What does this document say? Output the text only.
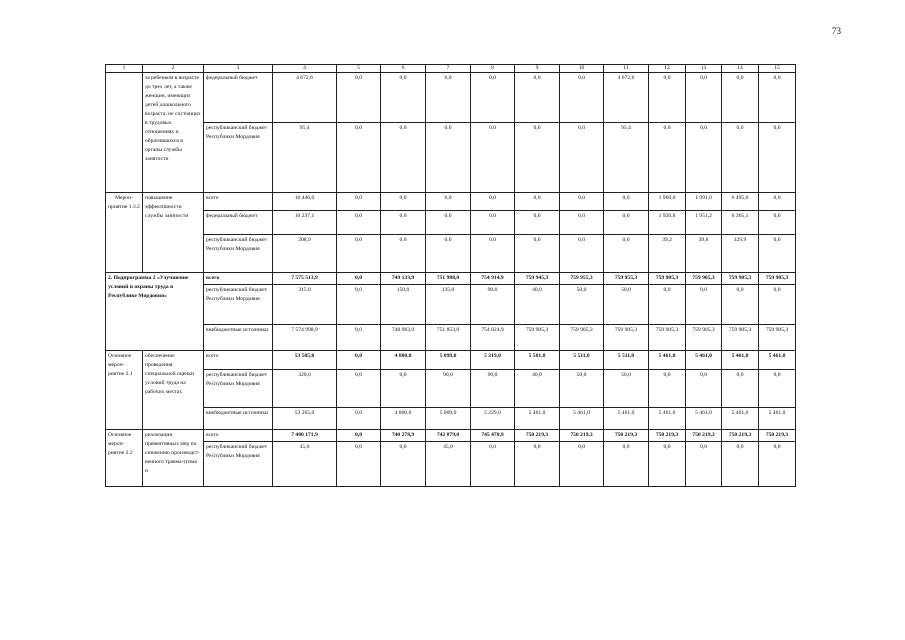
73
1	2	3	4	5	6	7	8	9	10	11	12	13	14	15
	за ребенком в возрасте до трех лет, а также женщин, имеющих детей дошкольного возраста, не состоящих в трудовых отношениях и обратившихся в органы службы занятости	федеральный бюджет	4 672,6	0,0	0,0	0,0	0,0	0,0	0,0	4 672,6	0,0	0,0	0,0	0,0
		республиканский бюджет Республики Мордовия	95,4	0,0	0,0	0,0	0,0	0,0	0,0	95,4	0,0	0,0	0,0	0,0
Мероп-приятие 1.3.2	повышение эффективности службы занятости	всего	10 446,0	0,0	0,0	0,0	0,0	0,0	0,0	0,0	1 960,0	1 991,0	6 495,0	0,0
		федеральный бюджет	10 237,1	0,0	0,0	0,0	0,0	0,0	0,0	0,0	1 920,8	1 951,2	6 365,1	0,0
		республиканский бюджет Республики Мордовия	208,9	0,0	0,0	0,0	0,0	0,0	0,0	0,0	39,2	39,8	129,9	0,0
2. Подпрограмма 2 «Улучшение условий и охраны труда в Республике Мордовия»		всего	7 575 513,9	0,0	749 133,9	751 988,0	754 914,9	759 945,3	759 955,3	759 955,3	759 905,3	759 905,3	759 905,3	759 905,3
		республиканский бюджет Республики Мордовия	315,0	0,0	150,0	135,0	90,0	40,0	50,0	50,0	0,0	0,0	0,0	0,0
		внебюджетные источники	7 574 998,9	0,0	748 983,9	751 853,0	754 824,9	759 905,3	759 905,3	759 905,3	759 905,3	759 905,3	759 905,3	759 905,3
Основное мероп-риятие 2.1	обеспечение проведения специальной оценки условий труда на рабочих местах	всего	53 505,0	0,0	4 800,0	5 099,0	5 319,0	5 501,0	5 511,0	5 511,0	5 461,0	5 461,0	5 461,0	5 461,0
		республиканский бюджет Республики Мордовия	320,0	0,0	0,0	90,0	90,0	40,0	50,0	50,0	0,0	0,0	0,0	0,0
		внебюджетные источники	53 265,0	0,0	4 800,0	5 009,0	5 229,0	5 461,0	5 461,0	5 461,0	5 461,0	5 461,0	5 461,0	5 461,0
Основное мероп-риятие 2.2	реализация превентивных мер по снижению производст-венного травма-тизма и	всего	7 480 171,9	0,0	740 278,9	742 879,0	745 478,9	750 219,3	750 219,3	750 219,3	750 219,3	750 219,3	750 219,3	750 219,3
		республиканский бюджет Республики Мордовия	45,0	0,0	0,0	45,0	0,0	0,0	0,0	0,0	0,0	0,0	0,0	0,0
